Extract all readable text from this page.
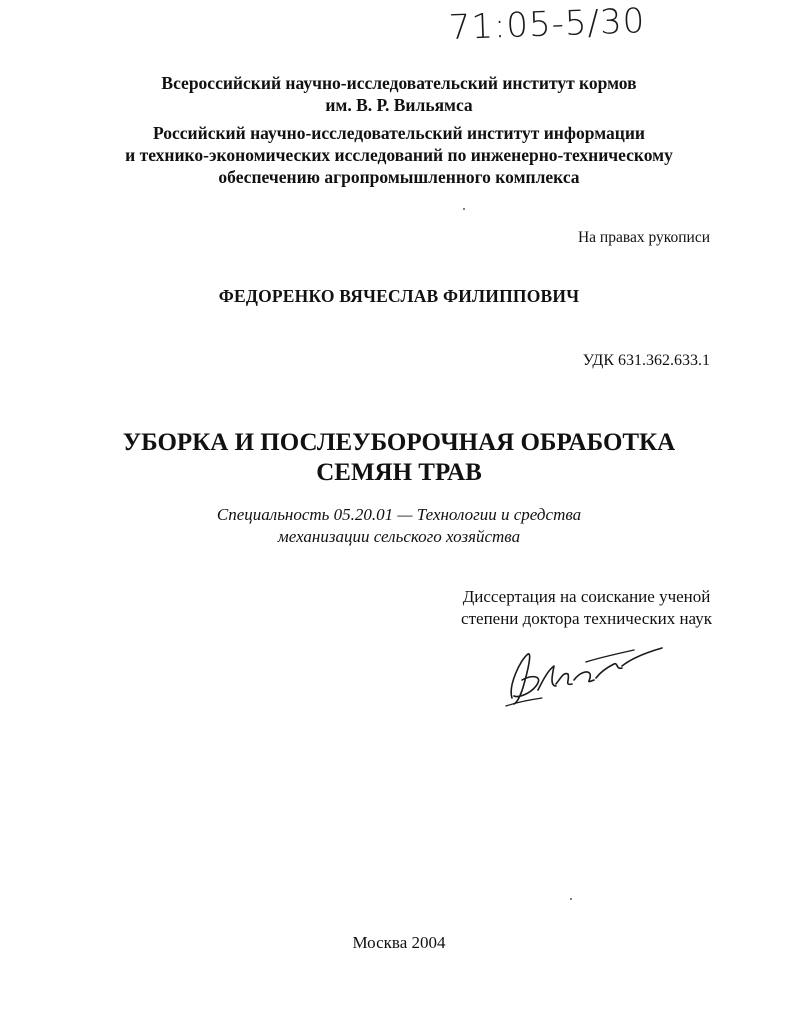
71:05-5/30
Всероссийский научно-исследовательский институт кормов
им. В. Р. Вильямса
Российский научно-исследовательский институт информации
и технико-экономических исследований по инженерно-техническому
обеспечению агропромышленного комплекса
На правах рукописи
ФЕДОРЕНКО ВЯЧЕСЛАВ ФИЛИППОВИЧ
УДК 631.362.633.1
УБОРКА И ПОСЛЕУБОРОЧНАЯ ОБРАБОТКА
СЕМЯН ТРАВ
Специальность 05.20.01 — Технологии и средства
механизации сельского хозяйства
Диссертация на соискание ученой
степени доктора технических наук
Москва 2004
